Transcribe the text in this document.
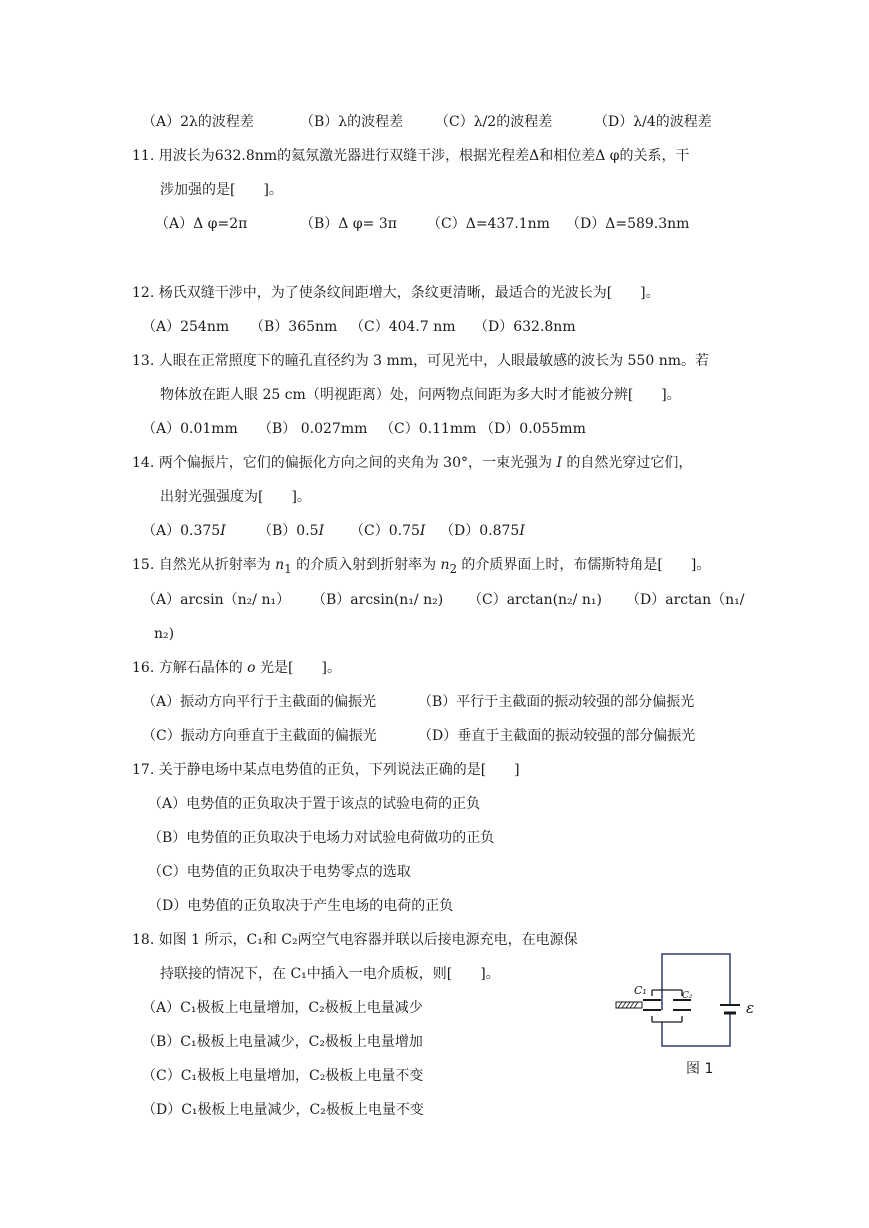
（A）2λ的波程差	（B）λ的波程差 （C）λ/2的波程差	（D）λ/4的波程差
11. 用波长为632.8nm的氦氖激光器进行双缝干涉，根据光程差Δ和相位差Δ φ的关系，干
涉加强的是[　　]。
（A）Δ φ=2π	（B）Δ φ= 3π （C）Δ=437.1nm （D）Δ=589.3nm
12. 杨氏双缝干涉中，为了使条纹间距增大，条纹更清晰，最适合的光波长为[　　]。
（A）254nm （B）365nm （C）404.7 nm （D）632.8nm
13. 人眼在正常照度下的瞳孔直径约为 3 mm，可见光中，人眼最敏感的波长为 550 nm。若
物体放在距人眼 25 cm（明视距离）处，问两物点间距为多大时才能被分辨[　　]。
（A）0.01mm （B） 0.027mm （C）0.11mm （D）0.055mm
14. 两个偏振片，它们的偏振化方向之间的夹角为 30°，一束光强为 I 的自然光穿过它们，
出射光强强度为[　　]。
（A）0.375I （B）0.5I （C）0.75I （D）0.875I
15. 自然光从折射率为 $n_1$ 的介质入射到折射率为 $n_2$ 的介质界面上时，布儒斯特角是[　　]。
（A）arcsin（n₂/ n₁） （B）arcsin(n₁/ n₂) （C）arctan(n₂/ n₁) （D）arctan（n₁/
n₂)
16. 方解石晶体的 o 光是[　　]。
（A）振动方向平行于主截面的偏振光	（B）平行于主截面的振动较强的部分偏振光
（C）振动方向垂直于主截面的偏振光	（D）垂直于主截面的振动较强的部分偏振光
17. 关于静电场中某点电势值的正负，下列说法正确的是[　　]
（A）电势值的正负取决于置于该点的试验电荷的正负
（B）电势值的正负取决于电场力对试验电荷做功的正负
（C）电势值的正负取决于电势零点的选取
（D）电势值的正负取决于产生电场的电荷的正负
18. 如图 1 所示，C₁和 C₂两空气电容器并联以后接电源充电，在电源保
持联接的情况下，在 C₁中插入一电介质板，则[　　]。
（A）C₁极板上电量增加，C₂极板上电量减少
（B）C₁极板上电量减少，C₂极板上电量增加
（C）C₁极板上电量增加，C₂极板上电量不变
（D）C₁极板上电量减少，C₂极板上电量不变
C₁	C₂
ε
图 1
